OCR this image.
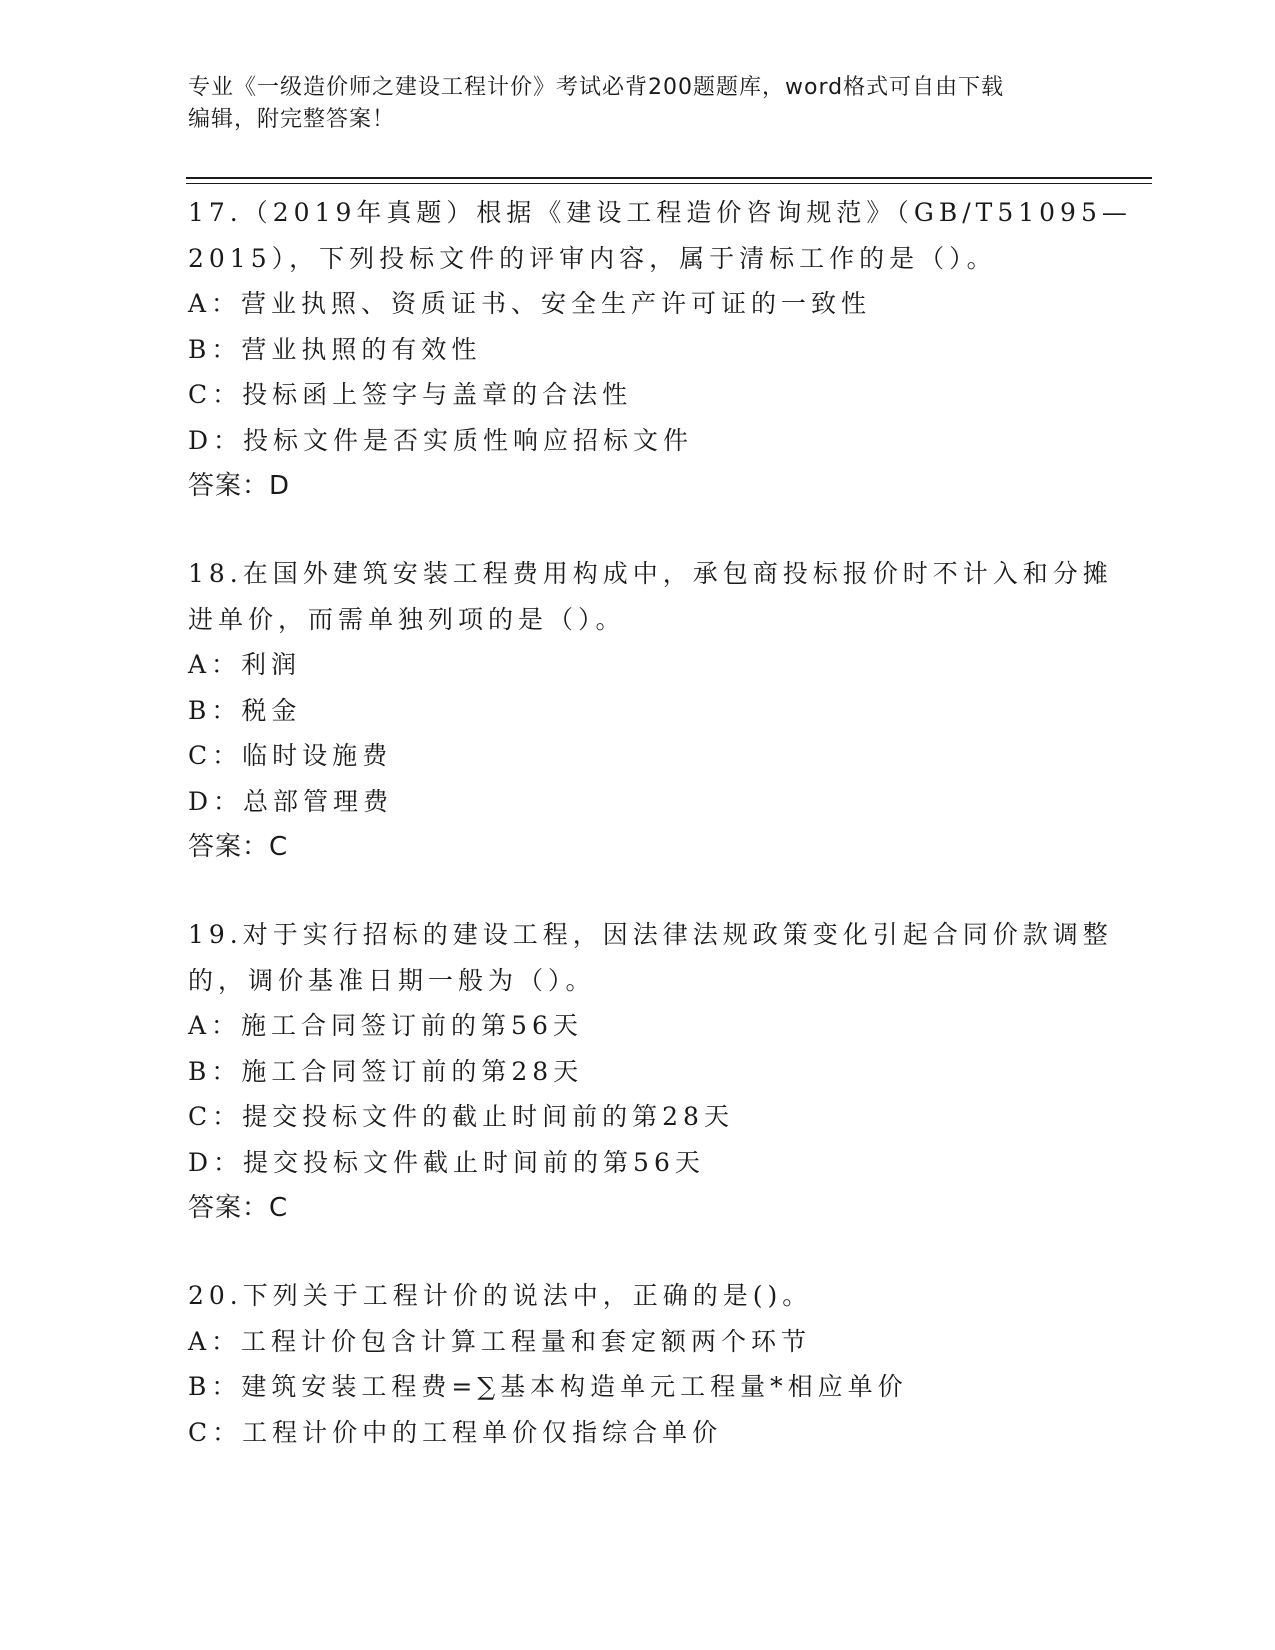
专业《一级造价师之建设工程计价》考试必背200题题库，word格式可自由下载
编辑，附完整答案！
17.（2019年真题）根据《建设工程造价咨询规范》（GB/T51095—
2015），下列投标文件的评审内容，属于清标工作的是（）。
A：营业执照、资质证书、安全生产许可证的一致性
B：营业执照的有效性
C：投标函上签字与盖章的合法性
D：投标文件是否实质性响应招标文件
答案：D
18.在国外建筑安装工程费用构成中，承包商投标报价时不计入和分摊
进单价，而需单独列项的是（）。
A：利润
B：税金
C：临时设施费
D：总部管理费
答案：C
19.对于实行招标的建设工程，因法律法规政策变化引起合同价款调整
的，调价基准日期一般为（）。
A：施工合同签订前的第56天
B：施工合同签订前的第28天
C：提交投标文件的截止时间前的第28天
D：提交投标文件截止时间前的第56天
答案：C
20.下列关于工程计价的说法中，正确的是()。
A：工程计价包含计算工程量和套定额两个环节
B：建筑安装工程费=∑基本构造单元工程量*相应单价
C：工程计价中的工程单价仅指综合单价
